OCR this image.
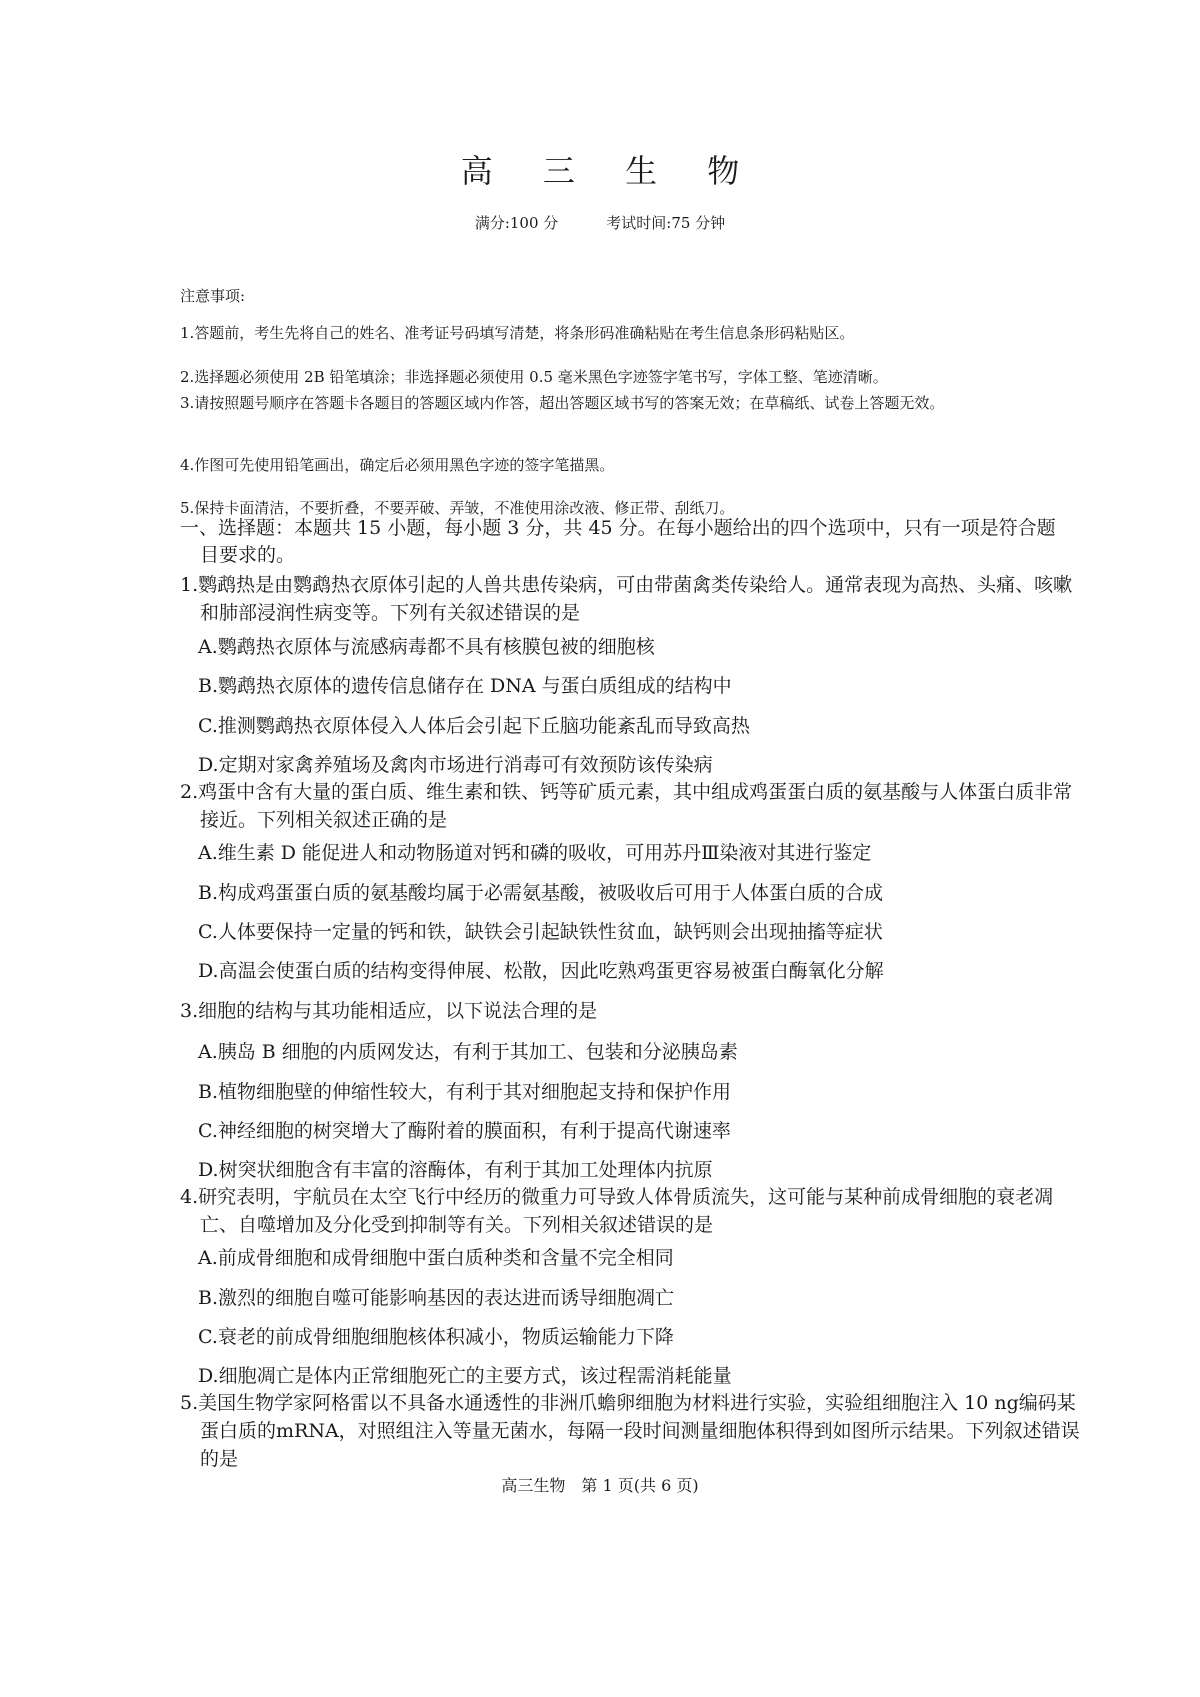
高 三 生 物
满分:100 分	考试时间:75 分钟
注意事项:
1.答题前，考生先将自己的姓名、准考证号码填写清楚，将条形码准确粘贴在考生信息条形码粘贴区。
2.选择题必须使用 2B 铅笔填涂；非选择题必须使用 0.5 毫米黑色字迹签字笔书写，字体工整、笔迹清晰。
3.请按照题号顺序在答题卡各题目的答题区域内作答，超出答题区域书写的答案无效；在草稿纸、试卷上答题无效。
4.作图可先使用铅笔画出，确定后必须用黑色字迹的签字笔描黑。
5.保持卡面清洁，不要折叠，不要弄破、弄皱，不准使用涂改液、修正带、刮纸刀。
一、选择题：本题共 15 小题，每小题 3 分，共 45 分。在每小题给出的四个选项中，只有一项是符合题目要求的。
1.鹦鹉热是由鹦鹉热衣原体引起的人兽共患传染病，可由带菌禽类传染给人。通常表现为高热、头痛、咳嗽和肺部浸润性病变等。下列有关叙述错误的是
A.鹦鹉热衣原体与流感病毒都不具有核膜包被的细胞核
B.鹦鹉热衣原体的遗传信息储存在 DNA 与蛋白质组成的结构中
C.推测鹦鹉热衣原体侵入人体后会引起下丘脑功能紊乱而导致高热
D.定期对家禽养殖场及禽肉市场进行消毒可有效预防该传染病
2.鸡蛋中含有大量的蛋白质、维生素和铁、钙等矿质元素，其中组成鸡蛋蛋白质的氨基酸与人体蛋白质非常接近。下列相关叙述正确的是
A.维生素 D 能促进人和动物肠道对钙和磷的吸收，可用苏丹Ⅲ染液对其进行鉴定
B.构成鸡蛋蛋白质的氨基酸均属于必需氨基酸，被吸收后可用于人体蛋白质的合成
C.人体要保持一定量的钙和铁，缺铁会引起缺铁性贫血，缺钙则会出现抽搐等症状
D.高温会使蛋白质的结构变得伸展、松散，因此吃熟鸡蛋更容易被蛋白酶氧化分解
3.细胞的结构与其功能相适应，以下说法合理的是
A.胰岛 B 细胞的内质网发达，有利于其加工、包装和分泌胰岛素
B.植物细胞壁的伸缩性较大，有利于其对细胞起支持和保护作用
C.神经细胞的树突增大了酶附着的膜面积，有利于提高代谢速率
D.树突状细胞含有丰富的溶酶体，有利于其加工处理体内抗原
4.研究表明，宇航员在太空飞行中经历的微重力可导致人体骨质流失，这可能与某种前成骨细胞的衰老凋亡、自噬增加及分化受到抑制等有关。下列相关叙述错误的是
A.前成骨细胞和成骨细胞中蛋白质种类和含量不完全相同
B.激烈的细胞自噬可能影响基因的表达进而诱导细胞凋亡
C.衰老的前成骨细胞细胞核体积减小，物质运输能力下降
D.细胞凋亡是体内正常细胞死亡的主要方式，该过程需消耗能量
5.美国生物学家阿格雷以不具备水通透性的非洲爪蟾卵细胞为材料进行实验，实验组细胞注入 10 ng编码某蛋白质的mRNA，对照组注入等量无菌水，每隔一段时间测量细胞体积得到如图所示结果。下列叙述错误的是
高三生物　第 1 页(共 6 页)
